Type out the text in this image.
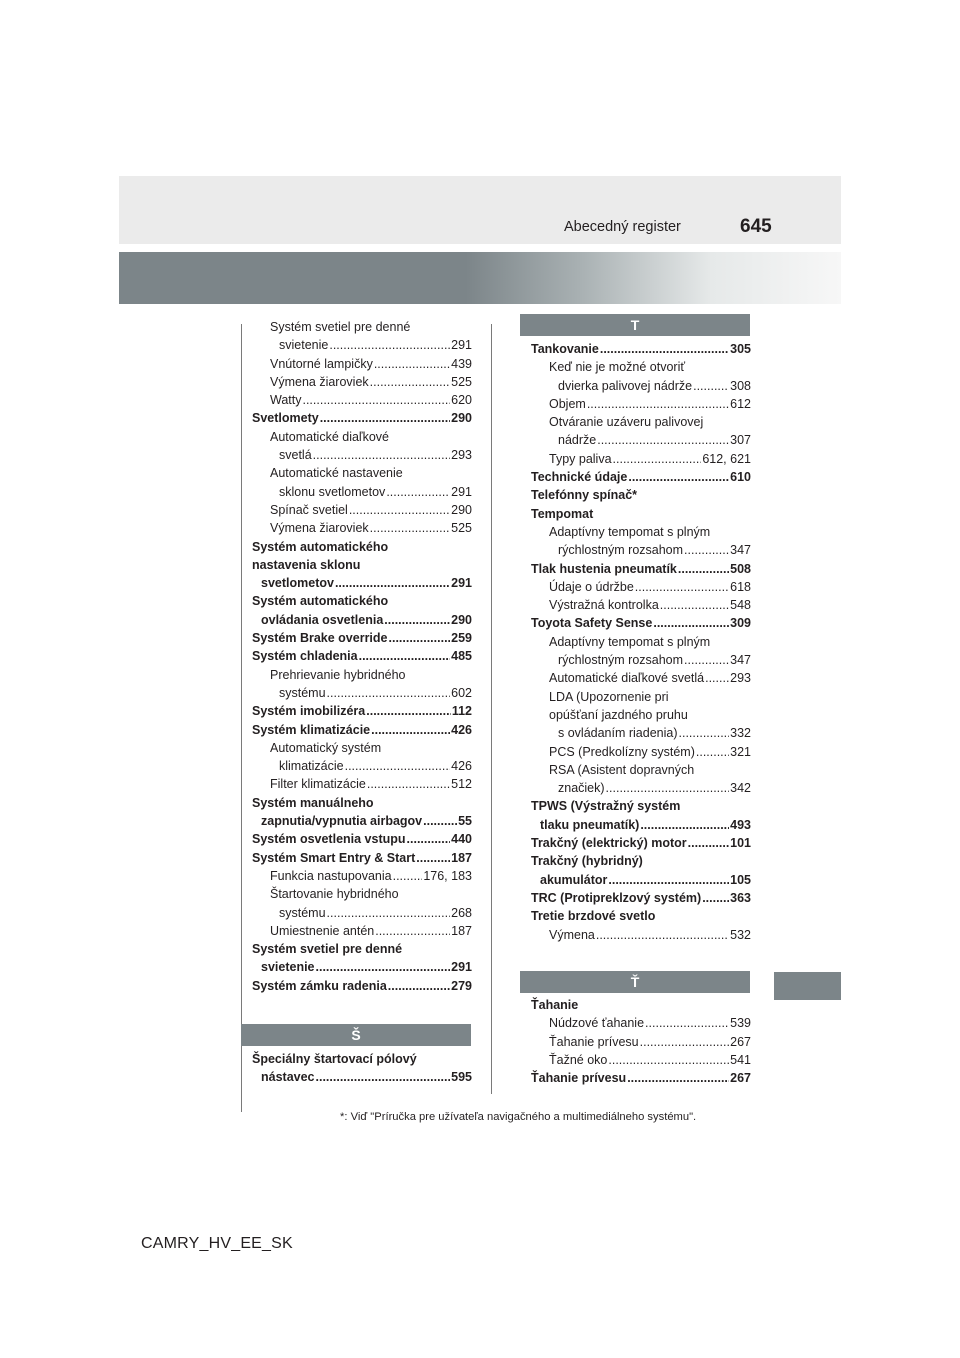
Abecedný register	645
T
Ť
Š
Systém svetiel pre denné
svietenie .....	291
Vnútorné lampičky .....	439
Výmena žiaroviek .....	525
Watty .....	620
Svetlomety .....	290
Automatické diaľkové
svetlá .....	293
Automatické nastavenie
sklonu svetlometov .....	291
Spínač svetiel .....	290
Výmena žiaroviek .....	525
Systém automatického
nastavenia sklonu
svetlometov .....	291
Systém automatického
ovládania osvetlenia .....	290
Systém Brake override .....	259
Systém chladenia .....	485
Prehrievanie hybridného
systému .....	602
Systém imobilizéra .....	112
Systém klimatizácie .....	426
Automatický systém
klimatizácie .....	426
Filter klimatizácie .....	512
Systém manuálneho
zapnutia/vypnutia airbagov .....	55
Systém osvetlenia vstupu .....	440
Systém Smart Entry & Start .....	187
Funkcia nastupovania .....	176, 183
Štartovanie hybridného
systému .....	268
Umiestnenie antén .....	187
Systém svetiel pre denné
svietenie .....	291
Systém zámku radenia .....	279
Špeciálny štartovací pólový
nástavec .....	595
Tankovanie .....	305
Keď nie je možné otvoriť
dvierka palivovej nádrže .....	308
Objem .....	612
Otváranie uzáveru palivovej
nádrže .....	307
Typy paliva .....	612, 621
Technické údaje .....	610
Telefónny spínač*
Tempomat
Adaptívny tempomat s plným
rýchlostným rozsahom .....	347
Tlak hustenia pneumatík .....	508
Údaje o údržbe .....	618
Výstražná kontrolka .....	548
Toyota Safety Sense .....	309
Adaptívny tempomat s plným
rýchlostným rozsahom .....	347
Automatické diaľkové svetlá ..... 293
LDA (Upozornenie pri
opúšťaní jazdného pruhu
s ovládaním riadenia) .....	332
PCS (Predkolízny systém) .....	321
RSA (Asistent dopravných
značiek) .....	342
TPWS (Výstražný systém
tlaku pneumatík) .....	493
Trakčný (elektrický) motor .....	101
Trakčný (hybridný)
akumulátor .....	105
TRC (Protipreklzový systém) ..... 363
Tretie brzdové svetlo
Výmena .....	532
Ťahanie
Núdzové ťahanie .....	539
Ťahanie prívesu .....	267
Ťažné oko .....	541
Ťahanie prívesu .....	267
*: Viď "Príručka pre užívateľa navigačného a multimediálneho systému".
CAMRY_HV_EE_SK
